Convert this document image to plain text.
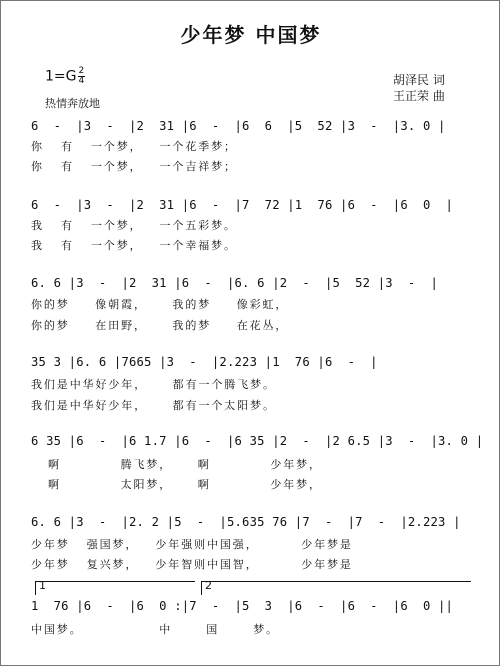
少年梦 中国梦
胡泽民 词
王正荣 曲
$1=G \frac{2}{4}$
热情奔放地
6  -  |3  -  |2  31 |6  -  |6  6  |5  52 |3  -  |3. 0 |
你  有  一个梦，  一个花季梦；
你  有  一个梦，  一个吉祥梦；
6  -  |3  -  |2  31 |6  -  |7  72 |1  76 |6  -  |6  0  |
我  有  一个梦，  一个五彩梦。
我  有  一个梦，  一个幸福梦。
6. 6 |3  -  |2  31 |6  -  |6. 6 |2  -  |5  52 |3  -  |
你的梦   像朝霞，   我的梦   像彩虹，
你的梦   在田野，   我的梦   在花丛，
35 3 |6. 6 |7665 |3  -  |2.223 |1  76 |6  -  |
我们是中华好少年，   都有一个腾飞梦。
我们是中华好少年，   都有一个太阳梦。
6 35 |6  -  |6 1.7 |6  -  |6 35 |2  -  |2 6.5 |3  -  |3. 0 |
啊       腾飞梦，   啊       少年梦，
啊       太阳梦，   啊       少年梦，
6. 6 |3  -  |2. 2 |5  -  |5.635 76 |7  -  |7  -  |2.223 |
少年梦  强国梦，  少年强则中国强，     少年梦是
少年梦  复兴梦，  少年智则中国智，     少年梦是
1	2
1  76 |6  -  |6  0 :|7  -  |5  3  |6  -  |6  -  |6  0 ||
中国梦。         中    国    梦。
